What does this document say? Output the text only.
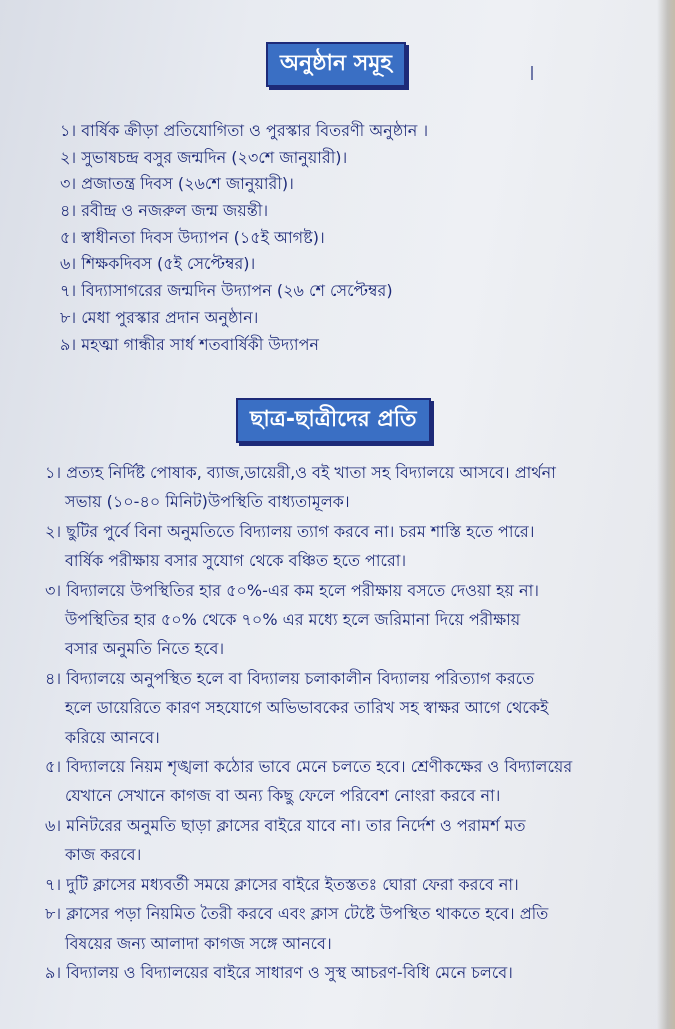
অনুষ্ঠান সমূহ
১। বার্ষিক ক্রীড়া প্রতিযোগিতা ও পুরস্কার বিতরণী অনুষ্ঠান ।
২। সুভাষচন্দ্র বসুর জন্মদিন (২৩শে জানুয়ারী)।
৩। প্রজাতন্ত্র দিবস (২৬শে জানুয়ারী)।
৪। রবীন্দ্র ও নজরুল জন্ম জয়ন্তী।
৫। স্বাধীনতা দিবস উদ্যাপন (১৫ই আগষ্ট)।
৬। শিক্ষকদিবস (৫ই সেপ্টেম্বর)।
৭। বিদ্যাসাগরের জন্মদিন উদ্যাপন (২৬ শে সেপ্টেম্বর)
৮। মেধা পুরস্কার প্রদান অনুষ্ঠান।
৯। মহত্মা গান্ধীর সার্ধ শতবার্ষিকী উদ্যাপন
ছাত্র-ছাত্রীদের প্রতি
১। প্রত্যহ নির্দিষ্ট পোষাক, ব্যাজ,ডায়েরী,ও বই খাতা সহ বিদ্যালয়ে আসবে। প্রার্থনা
সভায় (১০-৪০ মিনিট)উপস্থিতি বাধ্যতামূলক।
২। ছুটির পুর্বে বিনা অনুমতিতে বিদ্যালয় ত্যাগ করবে না। চরম শাস্তি হতে পারে।
বার্ষিক পরীক্ষায় বসার সুযোগ থেকে বঞ্চিত হতে পারো।
৩। বিদ্যালয়ে উপস্থিতির হার ৫০%-এর কম হলে পরীক্ষায় বসতে দেওয়া হয় না।
উপস্থিতির হার ৫০% থেকে ৭০% এর মধ্যে হলে জরিমানা দিয়ে পরীক্ষায়
বসার অনুমতি নিতে হবে।
৪। বিদ্যালয়ে অনুপস্থিত হলে বা বিদ্যালয় চলাকালীন বিদ্যালয় পরিত্যাগ করতে
হলে ডায়েরিতে কারণ সহযোগে অভিভাবকের তারিখ সহ স্বাক্ষর আগে থেকেই
করিয়ে আনবে।
৫। বিদ্যালয়ে নিয়ম শৃঙ্খলা কঠোর ভাবে মেনে চলতে হবে। শ্রেণীকক্ষের ও বিদ্যালয়ের
যেখানে সেখানে কাগজ বা অন্য কিছু ফেলে পরিবেশ নোংরা করবে না।
৬। মনিটরের অনুমতি ছাড়া ক্লাসের বাইরে যাবে না। তার নির্দেশ ও পরামর্শ মত
কাজ করবে।
৭। দুটি ক্লাসের মধ্যবর্তী সময়ে ক্লাসের বাইরে ইতস্ততঃ ঘোরা ফেরা করবে না।
৮। ক্লাসের পড়া নিয়মিত তৈরী করবে এবং ক্লাস টেষ্টে উপস্থিত থাকতে হবে। প্রতি
বিষয়ের জন্য আলাদা কাগজ সঙ্গে আনবে।
৯। বিদ্যালয় ও বিদ্যালয়ের বাইরে সাধারণ ও সুস্থ আচরণ-বিধি মেনে চলবে।
